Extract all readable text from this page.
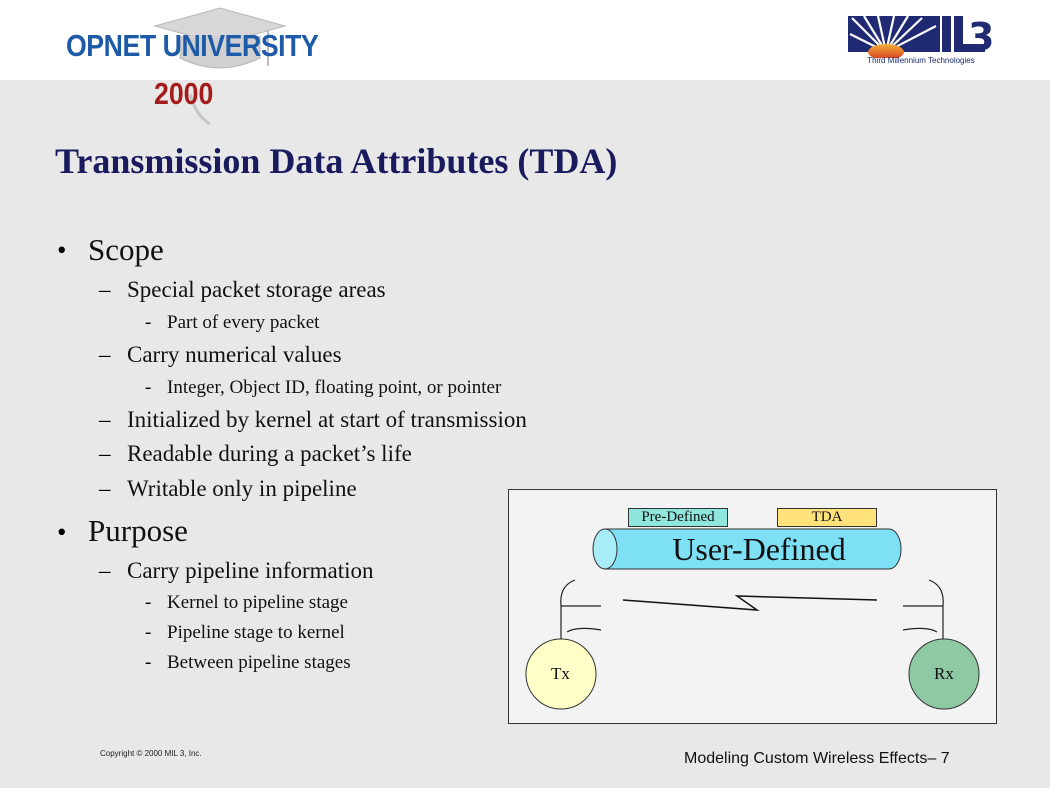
OPNET UNIVERSITY
2000
3
Third Millennium Technologies
Transmission Data Attributes (TDA)
• Scope
– Special packet storage areas
- Part of every packet
– Carry numerical values
- Integer, Object ID, floating point, or pointer
– Initialized by kernel at start of transmission
– Readable during a packet’s life
– Writable only in pipeline
• Purpose
– Carry pipeline information
- Kernel to pipeline stage
- Pipeline stage to kernel
- Between pipeline stages
Pre-Defined	TDA
User-Defined
Tx	Rx
Copyright © 2000 MIL 3, Inc.	Modeling Custom Wireless Effects– 7
